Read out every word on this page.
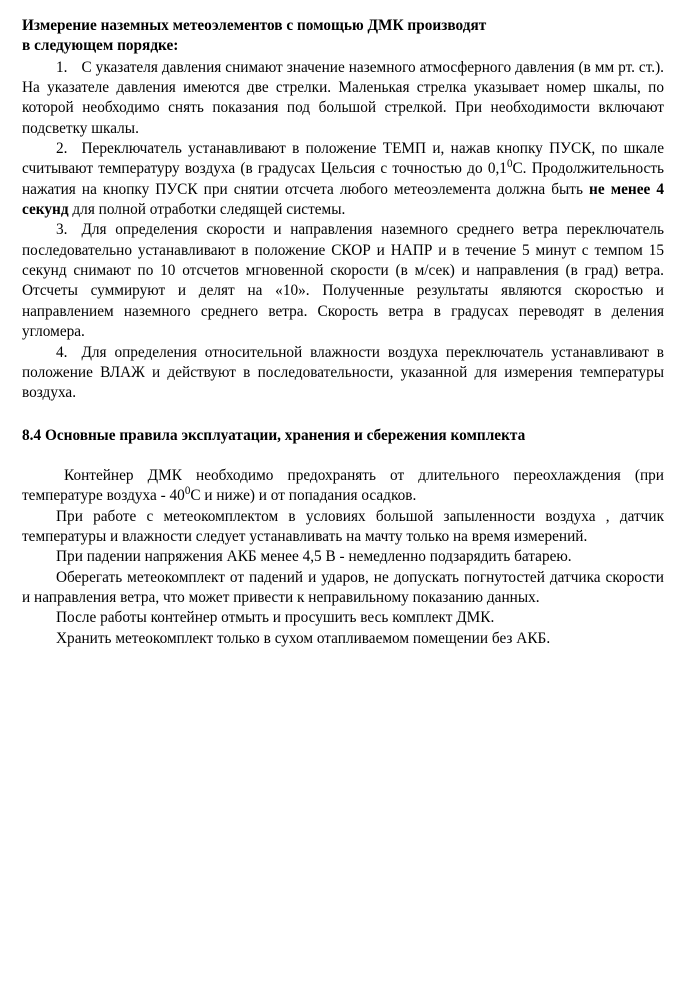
Измерение наземных метеоэлементов с помощью ДМК производят
в следующем порядке:

1. С указателя давления снимают значение наземного атмосферного давления (в мм рт. ст.). На указателе давления имеются две стрелки. Маленькая стрелка указывает номер шкалы, по которой необходимо снять показания под большой стрелкой. При необходимости включают подсветку шкалы.

2. Переключатель устанавливают в положение ТЕМП и, нажав кнопку ПУСК, по шкале считывают температуру воздуха (в градусах Цельсия с точностью до $0,1^0С$. Продолжительность нажатия на кнопку ПУСК при снятии отсчета любого метеоэлемента должна быть не менее 4 секунд для полной отработки следящей системы.

3. Для определения скорости и направления наземного среднего ветра переключатель последовательно устанавливают в положение СКОР и НАПР и в течение 5 минут с темпом 15 секунд снимают по 10 отсчетов мгновенной скорости (в м/сек) и направления (в град) ветра. Отсчеты суммируют и делят на «10». Полученные результаты являются скоростью и направлением наземного среднего ветра. Скорость ветра в градусах переводят в деления угломера.

4. Для определения относительной влажности воздуха переключатель устанавливают в положение ВЛАЖ и действуют в последовательности, указанной для измерения температуры воздуха.

8.4 Основные правила эксплуатации, хранения и сбережения комплекта

Контейнер ДМК необходимо предохранять от длительного переохлаждения (при температуре воздуха - $40^0С$ и ниже) и от попадания осадков.

При работе с метеокомплектом в условиях большой запыленности воздуха , датчик температуры и влажности следует устанавливать на мачту только на время измерений.

При падении напряжения АКБ менее 4,5 В - немедленно подзарядить батарею.

Оберегать метеокомплект от падений и ударов, не допускать погнутостей датчика скорости и направления ветра, что может привести к неправильному показанию данных.

После работы контейнер отмыть и просушить весь комплект ДМК.

Хранить метеокомплект только в сухом отапливаемом помещении без АКБ.
